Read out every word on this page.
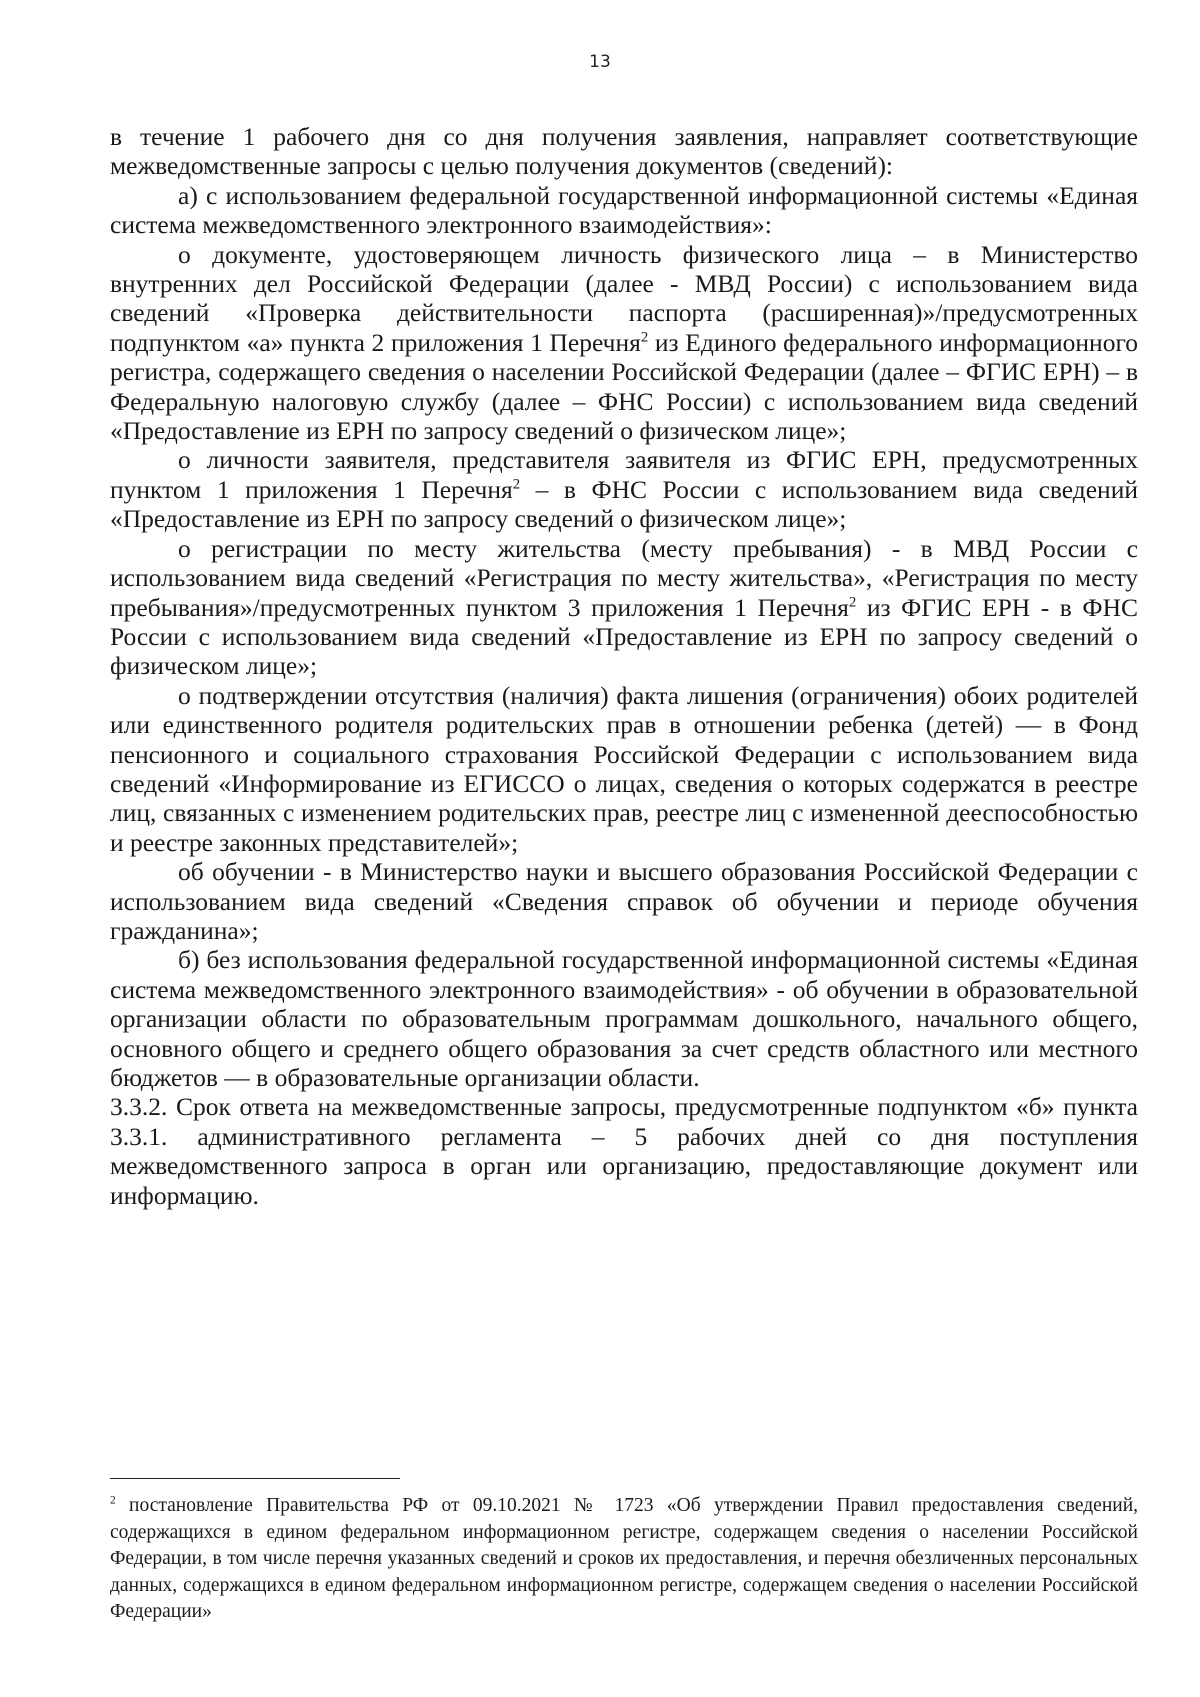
13

в течение 1 рабочего дня со дня получения заявления, направляет соответствующие межведомственные запросы с целью получения документов (сведений):

а) с использованием федеральной государственной информационной системы «Единая система межведомственного электронного взаимодействия»:

о документе, удостоверяющем личность физического лица – в Министерство внутренних дел Российской Федерации (далее - МВД России) с использованием вида сведений «Проверка действительности паспорта (расширенная)»/предусмотренных подпунктом «а» пункта 2 приложения 1 Перечня$^2$ из Единого федерального информационного регистра, содержащего сведения о населении Российской Федерации (далее – ФГИС ЕРН) – в Федеральную налоговую службу (далее – ФНС России) с использованием вида сведений «Предоставление из ЕРН по запросу сведений о физическом лице»;

о личности заявителя, представителя заявителя из ФГИС ЕРН, предусмотренных пунктом 1 приложения 1 Перечня$^2$ – в ФНС России с использованием вида сведений «Предоставление из ЕРН по запросу сведений о физическом лице»;

о регистрации по месту жительства (месту пребывания) - в МВД России с использованием вида сведений «Регистрация по месту жительства», «Регистрация по месту пребывания»/предусмотренных пунктом 3 приложения 1 Перечня$^2$ из ФГИС ЕРН - в ФНС России с использованием вида сведений «Предоставление из ЕРН по запросу сведений о физическом лице»;

о подтверждении отсутствия (наличия) факта лишения (ограничения) обоих родителей или единственного родителя родительских прав в отношении ребенка (детей) — в Фонд пенсионного и социального страхования Российской Федерации с использованием вида сведений «Информирование из ЕГИССО о лицах, сведения о которых содержатся в реестре лиц, связанных с изменением родительских прав, реестре лиц с измененной дееспособностью и реестре законных представителей»;

об обучении - в Министерство науки и высшего образования Российской Федерации с использованием вида сведений «Сведения справок об обучении и периоде обучения гражданина»;

б) без использования федеральной государственной информационной системы «Единая система межведомственного электронного взаимодействия» - об обучении в образовательной организации области по образовательным программам дошкольного, начального общего, основного общего и среднего общего образования за счет средств областного или местного бюджетов — в образовательные организации области.

3.3.2. Срок ответа на межведомственные запросы, предусмотренные подпунктом «б» пункта 3.3.1. административного регламента – 5 рабочих дней со дня поступления межведомственного запроса в орган или организацию, предоставляющие документ или информацию.

$^2$ постановление Правительства РФ от 09.10.2021 № 1723 «Об утверждении Правил предоставления сведений, содержащихся в едином федеральном информационном регистре, содержащем сведения о населении Российской Федерации, в том числе перечня указанных сведений и сроков их предоставления, и перечня обезличенных персональных данных, содержащихся в едином федеральном информационном регистре, содержащем сведения о населении Российской Федерации»
